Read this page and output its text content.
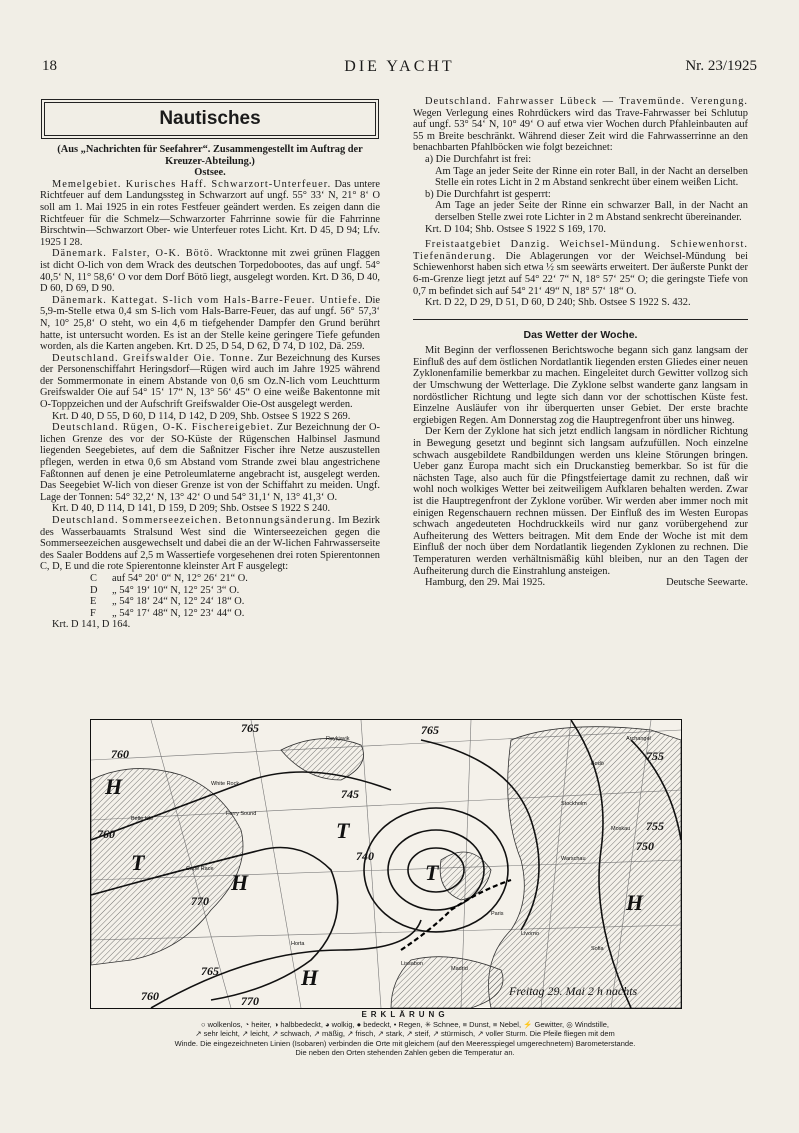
18	DIE YACHT	Nr. 23/1925
Nautisches

(Aus „Nachrichten für Seefahrer“. Zusammengestellt im Auftrag der Kreuzer-Abteilung.)

Ostsee.

Memelgebiet. Kurisches Haff. Schwarzort-Unterfeuer. Das untere Richtfeuer auf dem Landungssteg in Schwarzort auf ungf. 55° 33‘ N, 21° 8‘ O soll am 1. Mai 1925 in ein rotes Festfeuer geändert werden. Es zeigen dann die Richtfeuer für die Schmelz—Schwarzorter Fahrrinne sowie für die Fahrrinne Birschtwin—Schwarzort Ober- wie Unterfeuer rotes Licht. Krt. D 45, D 94; Lfv. 1925 I 28.

Dänemark. Falster, O-K. Bötö. Wracktonne mit zwei grünen Flaggen ist dicht O-lich von dem Wrack des deutschen Torpedobootes, das auf ungf. 54° 40,5‘ N, 11° 58,6‘ O vor dem Dorf Bötö liegt, ausgelegt worden. Krt. D 36, D 40, D 60, D 69, D 90.

Dänemark. Kattegat. S-lich vom Hals-Barre-Feuer. Untiefe. Die 5,9-m-Stelle etwa 0,4 sm S-lich vom Hals-Barre-Feuer, das auf ungf. 56° 57,3‘ N, 10° 25,8‘ O steht, wo ein 4,6 m tiefgehender Dampfer den Grund berührt hatte, ist untersucht worden. Es ist an der Stelle keine geringere Tiefe gefunden worden, als die Karten angeben. Krt. D 25, D 54, D 62, D 74, D 102, Dä. 259.

Deutschland. Greifswalder Oie. Tonne. Zur Bezeichnung des Kurses der Personenschiffahrt Heringsdorf—Rügen wird auch im Jahre 1925 während der Sommermonate in einem Abstande von 0,6 sm Oz.N-lich vom Leuchtturm Greifswalder Oie auf 54° 15‘ 17“ N, 13° 56‘ 45“ O eine weiße Bakentonne mit O-Toppzeichen und der Aufschrift Greifswalder Oie-Ost ausgelegt werden.

Krt. D 40, D 55, D 60, D 114, D 142, D 209, Shb. Ostsee S 1922 S 269.

Deutschland. Rügen, O-K. Fischereigebiet. Zur Bezeichnung der O-lichen Grenze des vor der SO-Küste der Rügenschen Halbinsel Jasmund liegenden Seegebietes, auf dem die Saßnitzer Fischer ihre Netze auszustellen pflegen, werden in etwa 0,6 sm Abstand vom Strande zwei blau angestrichene Faßtonnen auf denen je eine Petroleumlaterne angebracht ist, ausgelegt werden. Das Seegebiet W-lich von dieser Grenze ist von der Schiffahrt zu meiden. Ungf. Lage der Tonnen: 54° 32,2‘ N, 13° 42‘ O und 54° 31,1‘ N, 13° 41,3‘ O.

Krt. D 40, D 114, D 141, D 159, D 209; Shb. Ostsee S 1922 S 240.

Deutschland. Sommerseezeichen. Betonnungsänderung. Im Bezirk des Wasserbauamts Stralsund West sind die Winterseezeichen gegen die Sommerseezeichen ausgewechselt und dabei die an der W-lichen Fahrwasserseite des Saaler Boddens auf 2,5 m Wassertiefe vorgesehenen drei roten Spierentonnen C, D, E und die rote Spierentonne kleinster Art F ausgelegt:

C	auf 54° 20‘ 0“ N, 12° 26‘ 21“ O.
D	„ 54° 19‘ 10“ N, 12° 25‘ 3“ O.
E	„ 54° 18‘ 24“ N, 12° 24‘ 18“ O.
F	„ 54° 17‘ 48“ N, 12° 23‘ 44“ O.

Krt. D 141, D 164.

Deutschland. Fahrwasser Lübeck — Travemünde. Verengung. Wegen Verlegung eines Rohrdückers wird das Trave-Fahrwasser bei Schlutup auf ungf. 53° 54‘ N, 10° 49‘ O auf etwa vier Wochen durch Pfahleinbauten auf 55 m Breite beschränkt. Während dieser Zeit wird die Fahrwasserrinne an den benachbarten Pfahlböcken wie folgt bezeichnet:

a) Die Durchfahrt ist frei:

Am Tage an jeder Seite der Rinne ein roter Ball, in der Nacht an derselben Stelle ein rotes Licht in 2 m Abstand senkrecht über einem weißen Licht.

b) Die Durchfahrt ist gesperrt:

Am Tage an jeder Seite der Rinne ein schwarzer Ball, in der Nacht an derselben Stelle zwei rote Lichter in 2 m Abstand senkrecht übereinander.

Krt. D 104; Shb. Ostsee S 1922 S 169, 170.

Freistaatgebiet Danzig. Weichsel-Mündung. Schiewenhorst. Tiefenänderung. Die Ablagerungen vor der Weichsel-Mündung bei Schiewenhorst haben sich etwa ½ sm seewärts erweitert. Der äußerste Punkt der 6-m-Grenze liegt jetzt auf 54° 22‘ 7“ N, 18° 57‘ 25“ O; die geringste Tiefe von 0,7 m befindet sich auf 54° 21‘ 49“ N, 18° 57‘ 18“ O.

Krt. D 22, D 29, D 51, D 60, D 240; Shb. Ostsee S 1922 S. 432.

Das Wetter der Woche.

Mit Beginn der verflossenen Berichtswoche begann sich ganz langsam der Einfluß des auf dem östlichen Nordatlantik liegenden ersten Gliedes einer neuen Zyklonenfamilie bemerkbar zu machen. Eingeleitet durch Gewitter vollzog sich der Umschwung der Wetterlage. Die Zyklone selbst wanderte ganz langsam in nordöstlicher Richtung und legte sich dann vor der schottischen Küste fest. Einzelne Ausläufer von ihr überquerten unser Gebiet. Der erste brachte ergiebigen Regen. Am Donnerstag zog die Hauptregenfront über uns hinweg.

Der Kern der Zyklone hat sich jetzt endlich langsam in nördlicher Richtung in Bewegung gesetzt und beginnt sich langsam aufzufüllen. Noch einzelne schwach ausgebildete Randbildungen werden uns kleine Störungen bringen. Ueber ganz Europa macht sich ein Druckanstieg bemerkbar. So ist für die nächsten Tage, also auch für die Pfingstfeiertage damit zu rechnen, daß wir wohl noch wolkiges Wetter bei zeitweiligem Aufklaren behalten werden. Zwar ist die Hauptregenfront der Zyklone vorüber. Wir werden aber immer noch mit einigen Regenschauern rechnen müssen. Der Einfluß des im Westen Europas schwach angedeuteten Hochdruckkeils wird nur ganz vorübergehend zur Aufheiterung des Wetters beitragen. Mit dem Ende der Woche ist mit dem Einfluß der noch über dem Nordatlantik liegenden Zyklonen zu rechnen. Die Temperaturen werden verhältnismäßig kühl bleiben, nur an den Tagen der Aufheiterung durch die Einstrahlung ansteigen.

Hamburg, den 29. Mai 1925.	Deutsche Seewarte.
760
765
755
760
770
765
760
745
740
750
755
765
770
H
T
T
H
H
H
T
Reykjavik
White Rock
Ferry Sound
Belle Isle
Cape Race
Horta
Paris
Madrid
Lissabon
Livorno
Sofia
Warschau
Moskau
Archangel
Stockholm
Bodö
Freitag 29. Mai 2 h nachts
ERKLÄRUNG
○ wolkenlos, ◔ heiter, ◑ halbbedeckt, ◕ wolkig, ● bedeckt, • Regen, ✳ Schnee, ≡ Dunst, ≡ Nebel, ⚡ Gewitter, ◎ Windstille,
↗ sehr leicht, ↗ leicht, ↗ schwach, ↗ mäßig, ↗ frisch, ↗ stark, ↗ steif, ↗ stürmisch, ↗ voller Sturm. Die Pfeile fliegen mit dem
Winde. Die eingezeichneten Linien (Isobaren) verbinden die Orte mit gleichem (auf den Meeresspiegel umgerechnetem) Barometerstande.
Die neben den Orten stehenden Zahlen geben die Temperatur an.
